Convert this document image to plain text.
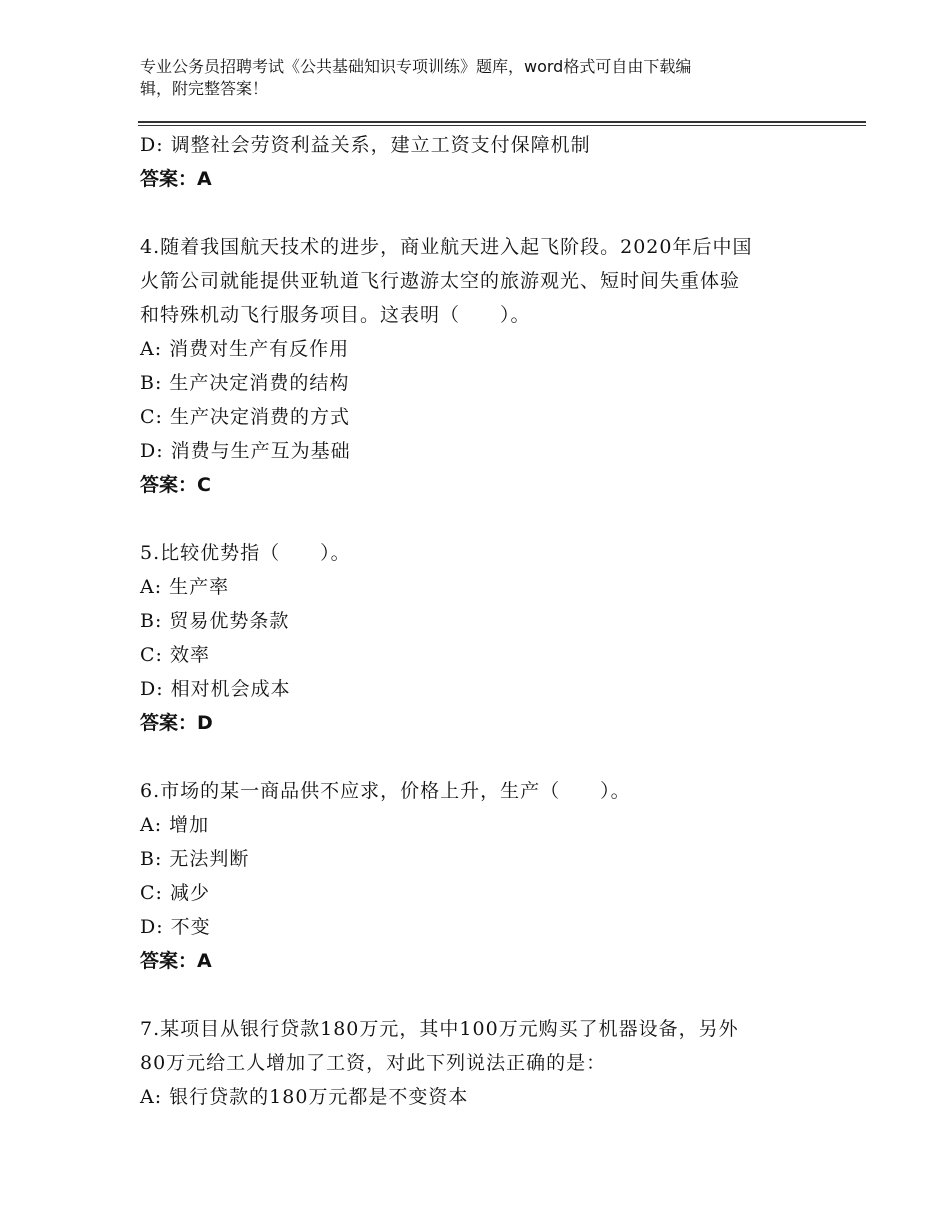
专业公务员招聘考试《公共基础知识专项训练》题库，word格式可自由下载编
辑，附完整答案！
D: 调整社会劳资利益关系，建立工资支付保障机制
答案：A
4.随着我国航天技术的进步，商业航天进入起飞阶段。2020年后中国
火箭公司就能提供亚轨道飞行遨游太空的旅游观光、短时间失重体验
和特殊机动飞行服务项目。这表明（　　）。
A: 消费对生产有反作用
B: 生产决定消费的结构
C: 生产决定消费的方式
D: 消费与生产互为基础
答案：C
5.比较优势指（　　）。
A: 生产率
B: 贸易优势条款
C: 效率
D: 相对机会成本
答案：D
6.市场的某一商品供不应求，价格上升，生产（　　）。
A: 增加
B: 无法判断
C: 减少
D: 不变
答案：A
7.某项目从银行贷款180万元，其中100万元购买了机器设备，另外
80万元给工人增加了工资，对此下列说法正确的是：
A: 银行贷款的180万元都是不变资本
